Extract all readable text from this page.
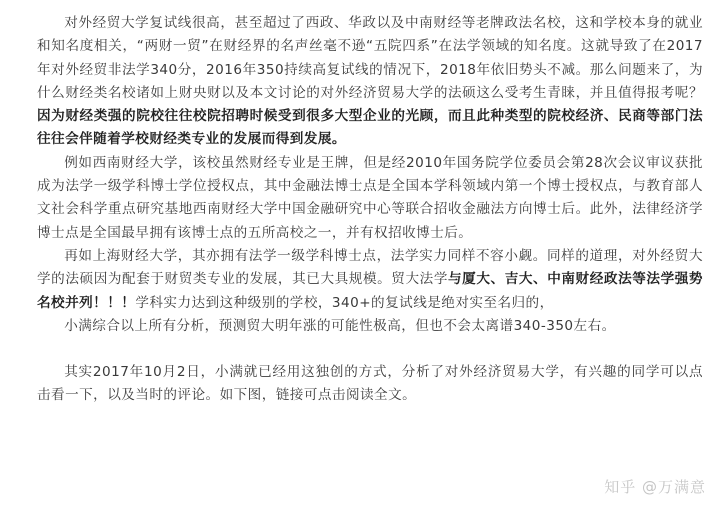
对外经贸大学复试线很高，甚至超过了西政、华政以及中南财经等老牌政法名校，这和学校本身的就业和知名度相关，“两财一贸”在财经界的名声丝毫不逊“五院四系”在法学领域的知名度。这就导致了在2017年对外经贸非法学340分，2016年350持续高复试线的情况下，2018年依旧势头不减。那么问题来了，为什么财经类名校诸如上财央财以及本文讨论的对外经济贸易大学的法硕这么受考生青睐，并且值得报考呢？因为财经类强的院校往往校院招聘时候受到很多大型企业的光顾，而且此种类型的院校经济、民商等部门法往往会伴随着学校财经类专业的发展而得到发展。

例如西南财经大学，该校虽然财经专业是王牌，但是经2010年国务院学位委员会第28次会议审议获批成为法学一级学科博士学位授权点，其中金融法博士点是全国本学科领域内第一个博士授权点，与教育部人文社会科学重点研究基地西南财经大学中国金融研究中心等联合招收金融法方向博士后。此外，法律经济学博士点是全国最早拥有该博士点的五所高校之一，并有权招收博士后。

再如上海财经大学，其亦拥有法学一级学科博士点，法学实力同样不容小觑。同样的道理，对外经贸大学的法硕因为配套于财贸类专业的发展，其已大具规模。贸大法学与厦大、吉大、中南财经政法等法学强势名校并列！！！学科实力达到这种级别的学校，340+的复试线是绝对实至名归的，

小满综合以上所有分析，预测贸大明年涨的可能性极高，但也不会太离谱340-350左右。

其实2017年10月2日，小满就已经用这独创的方式，分析了对外经济贸易大学，有兴趣的同学可以点击看一下，以及当时的评论。如下图，链接可点击阅读全文。

知乎 @万满意
